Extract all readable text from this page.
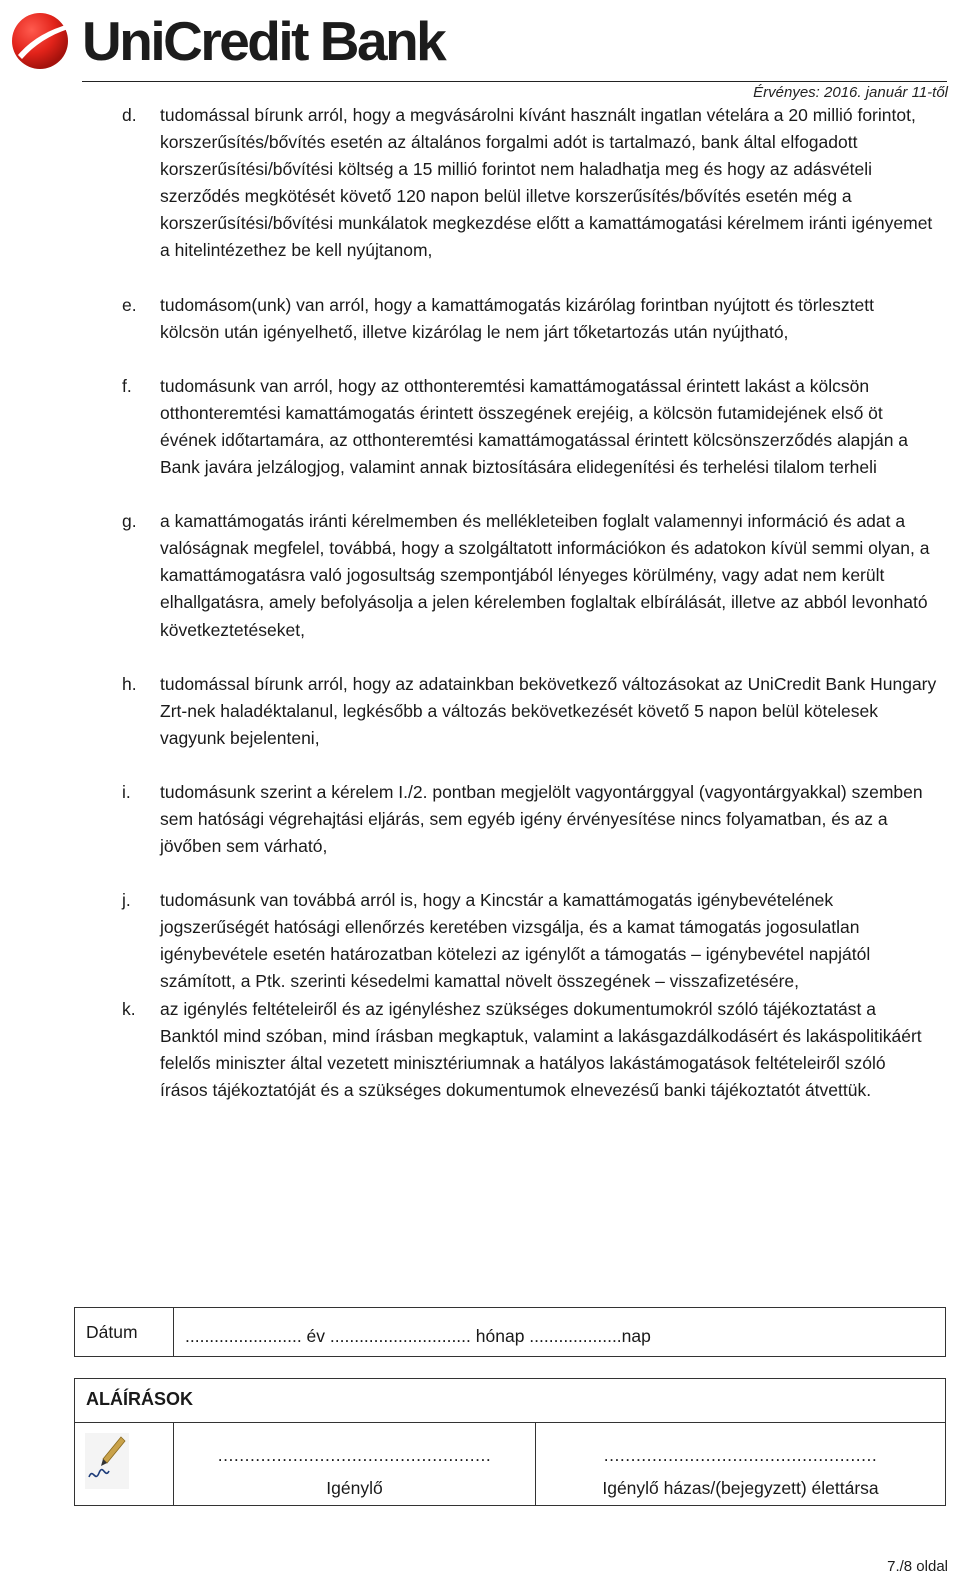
UniCredit Bank
Érvényes: 2016. január 11-től
d.	tudomással bírunk arról, hogy a megvásárolni kívánt használt ingatlan vételára a 20 millió forintot, korszerűsítés/bővítés esetén az általános forgalmi adót is tartalmazó, bank által elfogadott korszerűsítési/bővítési költség a 15 millió forintot nem haladhatja meg és hogy az adásvételi szerződés megkötését követő 120 napon belül illetve korszerűsítés/bővítés esetén még a korszerűsítési/bővítési munkálatok megkezdése előtt a kamattámogatási kérelmem iránti igényemet a hitelintézethez be kell nyújtanom,
e.	tudomásom(unk) van arról, hogy a kamattámogatás kizárólag forintban nyújtott és törlesztett kölcsön után igényelhető, illetve kizárólag le nem járt tőketartozás után nyújtható,
f.	tudomásunk van arról, hogy az otthonteremtési kamattámogatással érintett lakást a kölcsön otthonteremtési kamattámogatás érintett összegének erejéig, a kölcsön futamidejének első öt évének időtartamára, az otthonteremtési kamattámogatással érintett kölcsönszerződés alapján a Bank javára jelzálogjog, valamint annak biztosítására elidegenítési és terhelési tilalom terheli
g.	a kamattámogatás iránti kérelmemben és mellékleteiben foglalt valamennyi információ és adat a valóságnak megfelel, továbbá, hogy a szolgáltatott információkon és adatokon kívül semmi olyan, a kamattámogatásra való jogosultság szempontjából lényeges körülmény, vagy adat nem került elhallgatásra, amely befolyásolja a jelen kérelemben foglaltak elbírálását, illetve az abból levonható következtetéseket,
h.	tudomással bírunk arról, hogy az adatainkban bekövetkező változásokat az UniCredit Bank Hungary Zrt-nek haladéktalanul, legkésőbb a változás bekövetkezését követő 5 napon belül kötelesek vagyunk bejelenteni,
i.	tudomásunk szerint a kérelem I./2. pontban megjelölt vagyontárggyal (vagyontárgyakkal) szemben sem hatósági végrehajtási eljárás, sem egyéb igény érvényesítése nincs folyamatban, és az a jövőben sem várható,
j.	tudomásunk van továbbá arról is, hogy a Kincstár a kamattámogatás igénybevételének jogszerűségét hatósági ellenőrzés keretében vizsgálja, és a kamat támogatás jogosulatlan igénybevétele esetén határozatban kötelezi az igénylőt a támogatás – igénybevétel napjától számított, a Ptk. szerinti késedelmi kamattal növelt összegének – visszafizetésére,
k.	az igénylés feltételeiről és az igényléshez szükséges dokumentumokról szóló tájékoztatást a Banktól mind szóban, mind írásban megkaptuk, valamint a lakásgazdálkodásért és lakáspolitikáért felelős miniszter által vezetett minisztériumnak a hatályos lakástámogatások feltételeiről szóló írásos tájékoztatóját és a szükséges dokumentumok elnevezésű banki tájékoztatót átvettük.
Dátum	........................ év ............................. hónap ...................nap
ALÁÍRÁSOK
...................................................
Igénylő
...................................................
Igénylő házas/(bejegyzett) élettársa
7./8 oldal
